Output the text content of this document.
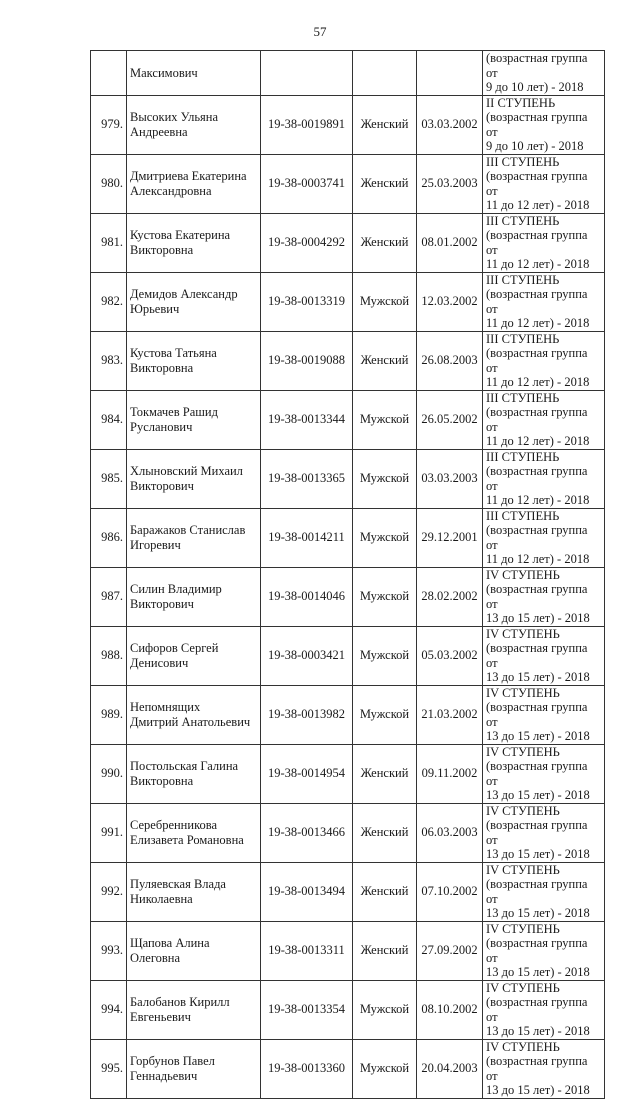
57
	Максимович				(возрастная группа от
9 до 10 лет) - 2018

979.	Высоких Ульяна
Андреевна	19-38-0019891	Женский	03.03.2002	II СТУПЕНЬ
(возрастная группа от
9 до 10 лет) - 2018

980.	Дмитриева Екатерина
Александровна	19-38-0003741	Женский	25.03.2003	III СТУПЕНЬ
(возрастная группа от
11 до 12 лет) - 2018

981.	Кустова Екатерина
Викторовна	19-38-0004292	Женский	08.01.2002	III СТУПЕНЬ
(возрастная группа от
11 до 12 лет) - 2018

982.	Демидов Александр
Юрьевич	19-38-0013319	Мужской	12.03.2002	III СТУПЕНЬ
(возрастная группа от
11 до 12 лет) - 2018

983.	Кустова Татьяна
Викторовна	19-38-0019088	Женский	26.08.2003	III СТУПЕНЬ
(возрастная группа от
11 до 12 лет) - 2018

984.	Токмачев Рашид
Русланович	19-38-0013344	Мужской	26.05.2002	III СТУПЕНЬ
(возрастная группа от
11 до 12 лет) - 2018

985.	Хлыновский Михаил
Викторович	19-38-0013365	Мужской	03.03.2003	III СТУПЕНЬ
(возрастная группа от
11 до 12 лет) - 2018

986.	Баражаков Станислав
Игоревич	19-38-0014211	Мужской	29.12.2001	III СТУПЕНЬ
(возрастная группа от
11 до 12 лет) - 2018

987.	Силин Владимир
Викторович	19-38-0014046	Мужской	28.02.2002	IV СТУПЕНЬ
(возрастная группа от
13 до 15 лет) - 2018

988.	Сифоров Сергей
Денисович	19-38-0003421	Мужской	05.03.2002	IV СТУПЕНЬ
(возрастная группа от
13 до 15 лет) - 2018

989.	Непомнящих
Дмитрий Анатольевич	19-38-0013982	Мужской	21.03.2002	IV СТУПЕНЬ
(возрастная группа от
13 до 15 лет) - 2018

990.	Постольская Галина
Викторовна	19-38-0014954	Женский	09.11.2002	IV СТУПЕНЬ
(возрастная группа от
13 до 15 лет) - 2018

991.	Серебренникова
Елизавета Романовна	19-38-0013466	Женский	06.03.2003	IV СТУПЕНЬ
(возрастная группа от
13 до 15 лет) - 2018

992.	Пуляевская Влада
Николаевна	19-38-0013494	Женский	07.10.2002	IV СТУПЕНЬ
(возрастная группа от
13 до 15 лет) - 2018

993.	Щапова Алина
Олеговна	19-38-0013311	Женский	27.09.2002	IV СТУПЕНЬ
(возрастная группа от
13 до 15 лет) - 2018

994.	Балобанов Кирилл
Евгеньевич	19-38-0013354	Мужской	08.10.2002	IV СТУПЕНЬ
(возрастная группа от
13 до 15 лет) - 2018

995.	Горбунов Павел
Геннадьевич	19-38-0013360	Мужской	20.04.2003	IV СТУПЕНЬ
(возрастная группа от
13 до 15 лет) - 2018
